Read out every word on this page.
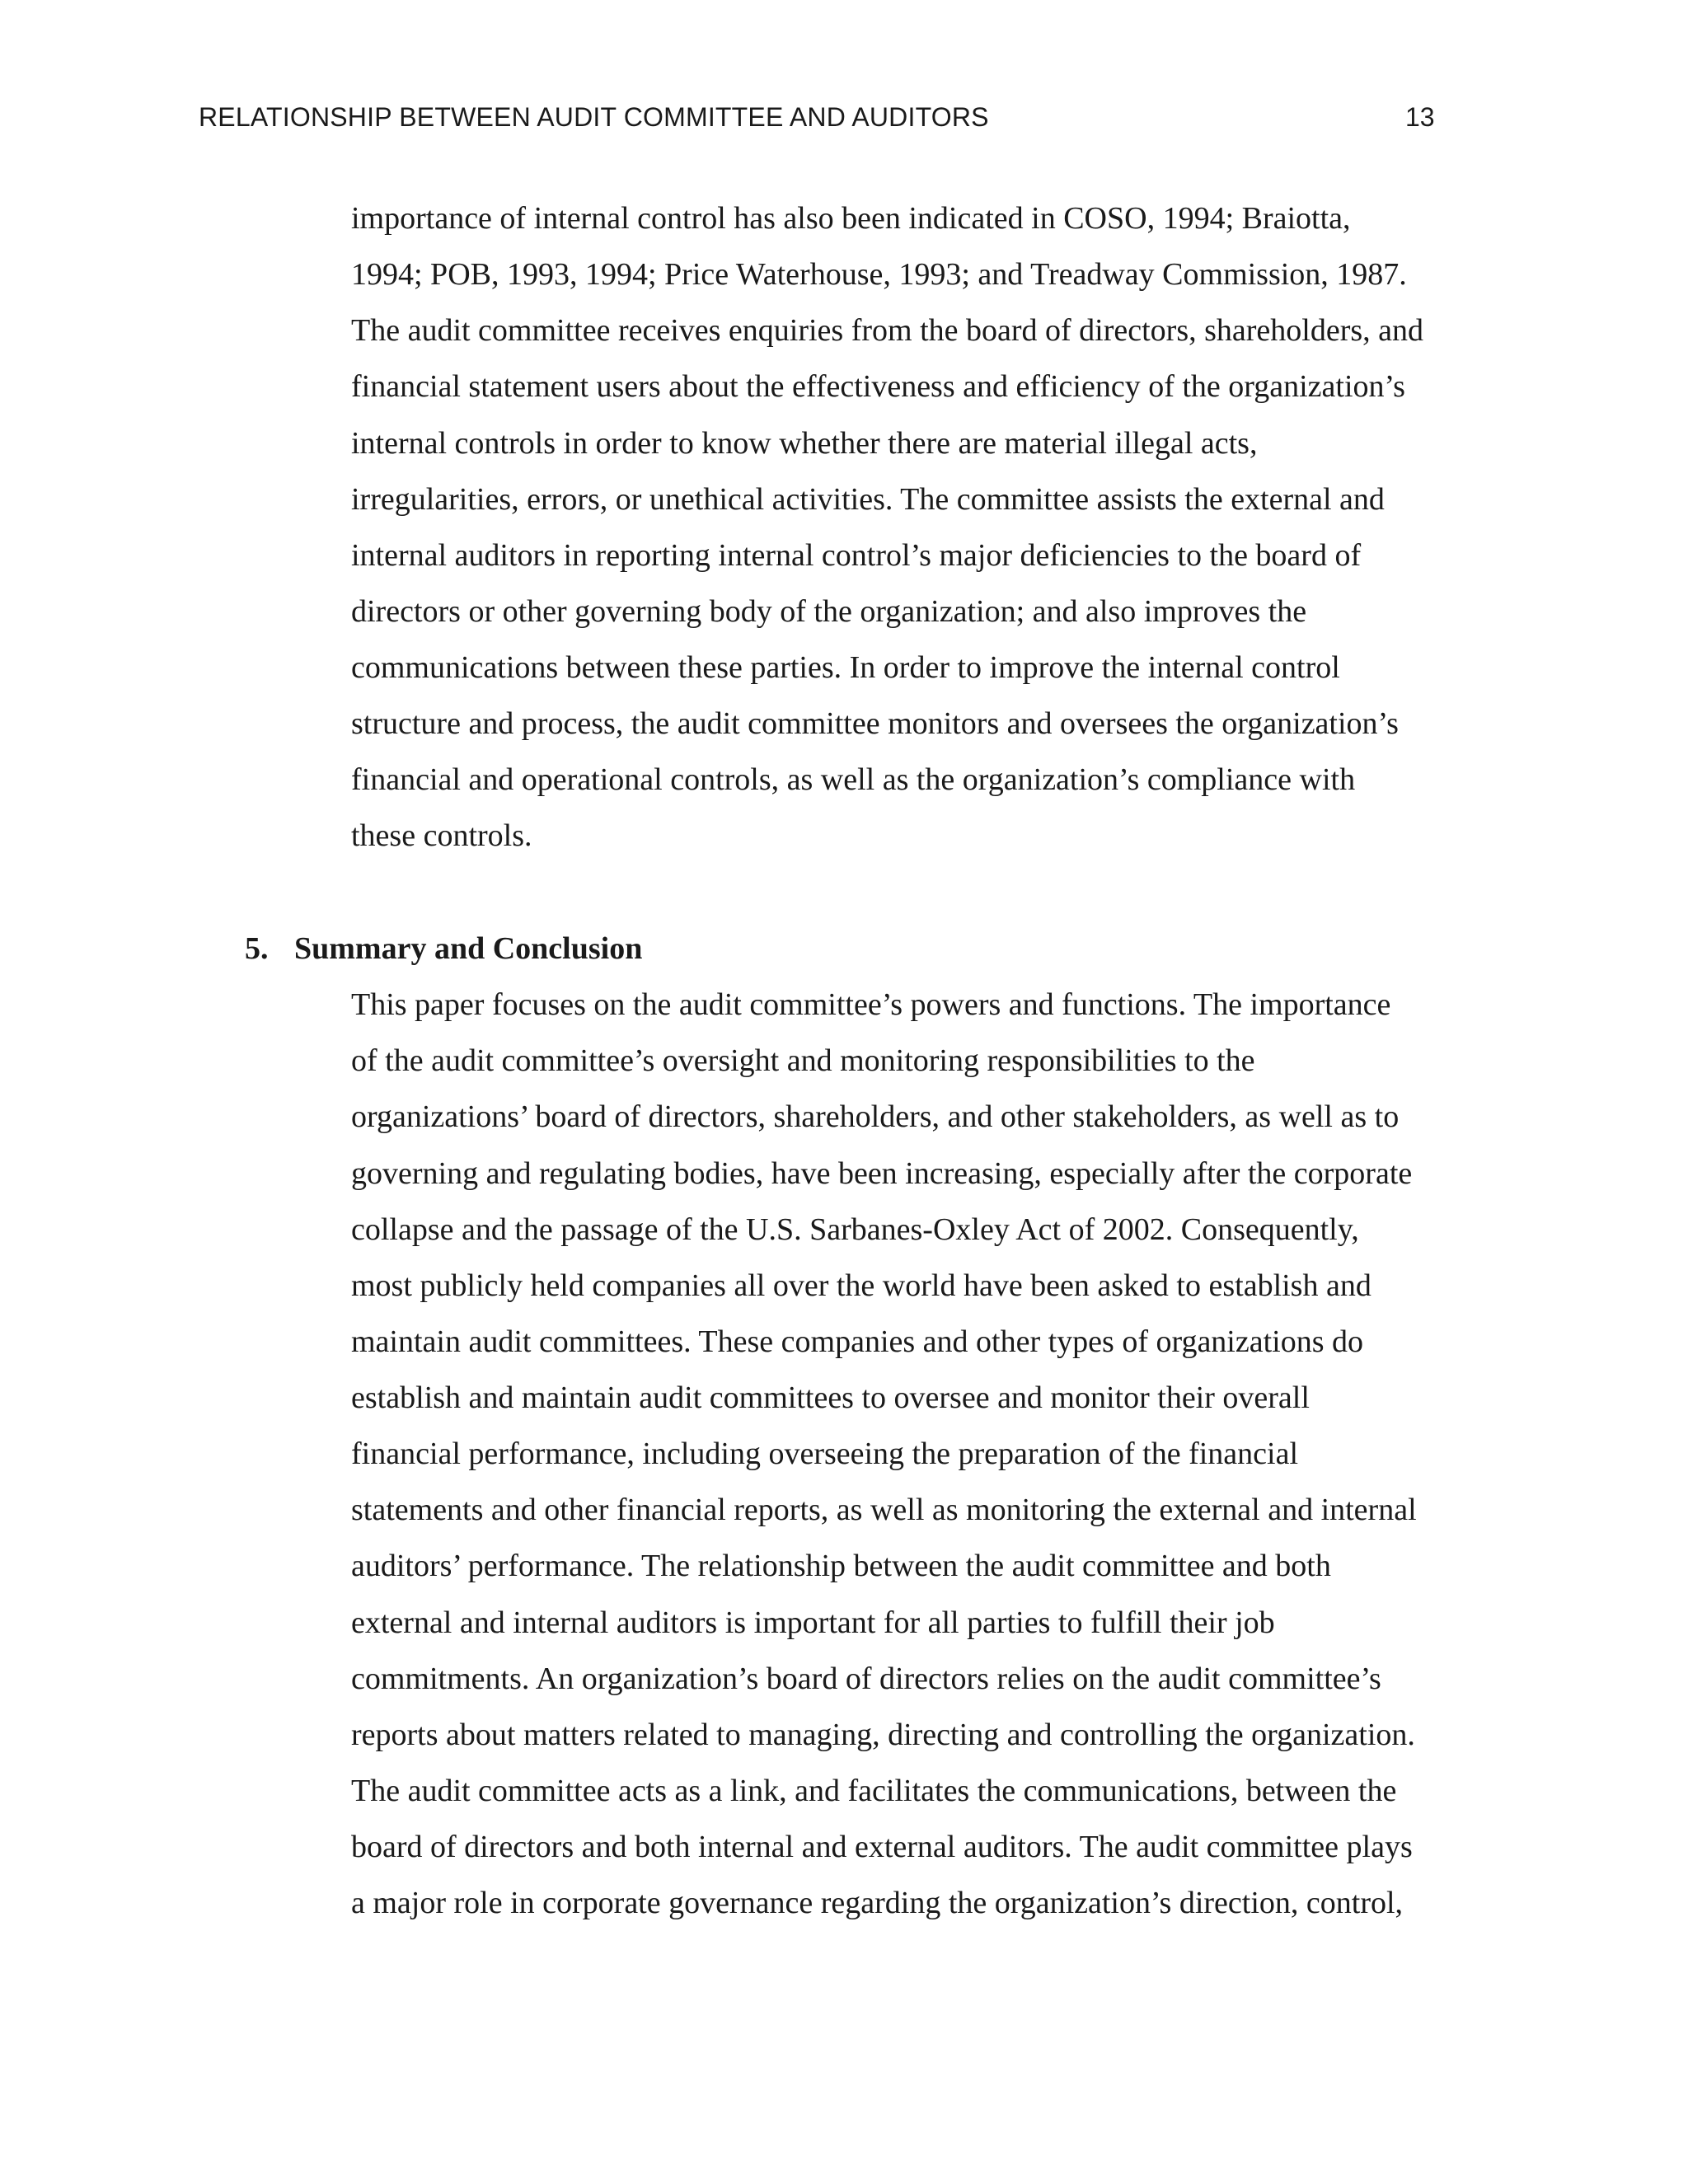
RELATIONSHIP BETWEEN AUDIT COMMITTEE AND AUDITORS	13
importance of internal control has also been indicated in COSO, 1994; Braiotta,
1994; POB, 1993, 1994; Price Waterhouse, 1993; and Treadway Commission, 1987.
The audit committee receives enquiries from the board of directors, shareholders, and
financial statement users about the effectiveness and efficiency of the organization’s
internal controls in order to know whether there are material illegal acts,
irregularities, errors, or unethical activities. The committee assists the external and
internal auditors in reporting internal control’s major deficiencies to the board of
directors or other governing body of the organization; and also improves the
communications between these parties. In order to improve the internal control
structure and process, the audit committee monitors and oversees the organization’s
financial and operational controls, as well as the organization’s compliance with
these controls.
5. Summary and Conclusion
This paper focuses on the audit committee’s powers and functions. The importance
of the audit committee’s oversight and monitoring responsibilities to the
organizations’ board of directors, shareholders, and other stakeholders, as well as to
governing and regulating bodies, have been increasing, especially after the corporate
collapse and the passage of the U.S. Sarbanes-Oxley Act of 2002. Consequently,
most publicly held companies all over the world have been asked to establish and
maintain audit committees. These companies and other types of organizations do
establish and maintain audit committees to oversee and monitor their overall
financial performance, including overseeing the preparation of the financial
statements and other financial reports, as well as monitoring the external and internal
auditors’ performance. The relationship between the audit committee and both
external and internal auditors is important for all parties to fulfill their job
commitments. An organization’s board of directors relies on the audit committee’s
reports about matters related to managing, directing and controlling the organization.
The audit committee acts as a link, and facilitates the communications, between the
board of directors and both internal and external auditors. The audit committee plays
a major role in corporate governance regarding the organization’s direction, control,
